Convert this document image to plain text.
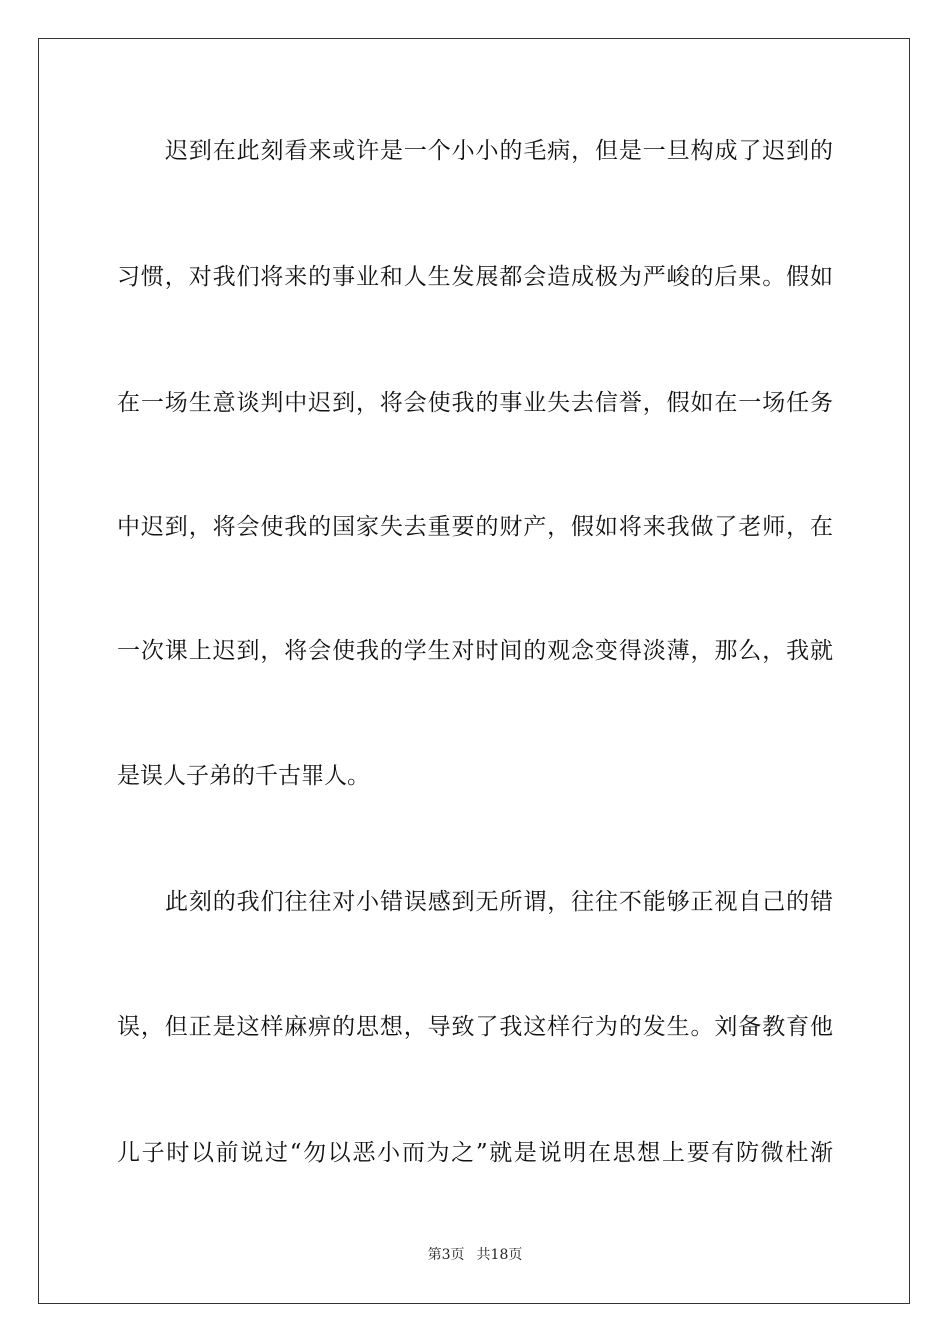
迟到在此刻看来或许是一个小小的毛病，但是一旦构成了迟到的
习惯，对我们将来的事业和人生发展都会造成极为严峻的后果。假如
在一场生意谈判中迟到，将会使我的事业失去信誉，假如在一场任务
中迟到，将会使我的国家失去重要的财产，假如将来我做了老师，在
一次课上迟到，将会使我的学生对时间的观念变得淡薄，那么，我就
是误人子弟的千古罪人。
此刻的我们往往对小错误感到无所谓，往往不能够正视自己的错
误，但正是这样麻痹的思想，导致了我这样行为的发生。刘备教育他
儿子时以前说过“勿以恶小而为之”就是说明在思想上要有防微杜渐
第3页 共18页
